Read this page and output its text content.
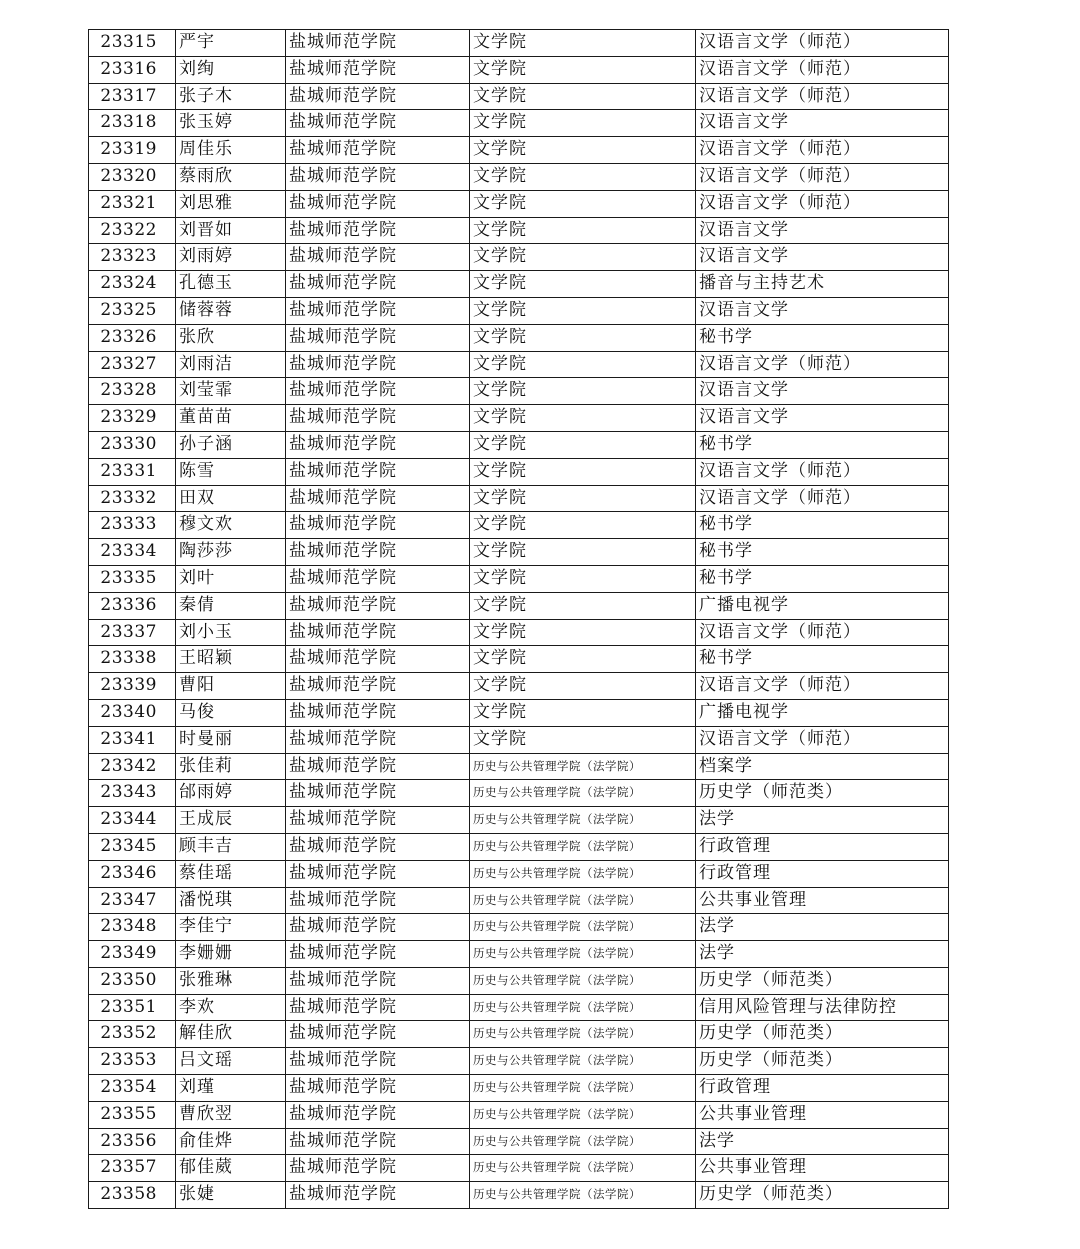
23315	严宇	盐城师范学院	文学院	汉语言文学（师范）
23316	刘绚	盐城师范学院	文学院	汉语言文学（师范）
23317	张子木	盐城师范学院	文学院	汉语言文学（师范）
23318	张玉婷	盐城师范学院	文学院	汉语言文学
23319	周佳乐	盐城师范学院	文学院	汉语言文学（师范）
23320	蔡雨欣	盐城师范学院	文学院	汉语言文学（师范）
23321	刘思雅	盐城师范学院	文学院	汉语言文学（师范）
23322	刘晋如	盐城师范学院	文学院	汉语言文学
23323	刘雨婷	盐城师范学院	文学院	汉语言文学
23324	孔德玉	盐城师范学院	文学院	播音与主持艺术
23325	储蓉蓉	盐城师范学院	文学院	汉语言文学
23326	张欣	盐城师范学院	文学院	秘书学
23327	刘雨洁	盐城师范学院	文学院	汉语言文学（师范）
23328	刘莹霏	盐城师范学院	文学院	汉语言文学
23329	董苗苗	盐城师范学院	文学院	汉语言文学
23330	孙子涵	盐城师范学院	文学院	秘书学
23331	陈雪	盐城师范学院	文学院	汉语言文学（师范）
23332	田双	盐城师范学院	文学院	汉语言文学（师范）
23333	穆文欢	盐城师范学院	文学院	秘书学
23334	陶莎莎	盐城师范学院	文学院	秘书学
23335	刘叶	盐城师范学院	文学院	秘书学
23336	秦倩	盐城师范学院	文学院	广播电视学
23337	刘小玉	盐城师范学院	文学院	汉语言文学（师范）
23338	王昭颖	盐城师范学院	文学院	秘书学
23339	曹阳	盐城师范学院	文学院	汉语言文学（师范）
23340	马俊	盐城师范学院	文学院	广播电视学
23341	时曼丽	盐城师范学院	文学院	汉语言文学（师范）
23342	张佳莉	盐城师范学院	历史与公共管理学院（法学院）	档案学
23343	邰雨婷	盐城师范学院	历史与公共管理学院（法学院）	历史学（师范类）
23344	王成辰	盐城师范学院	历史与公共管理学院（法学院）	法学
23345	顾丰吉	盐城师范学院	历史与公共管理学院（法学院）	行政管理
23346	蔡佳瑶	盐城师范学院	历史与公共管理学院（法学院）	行政管理
23347	潘悦琪	盐城师范学院	历史与公共管理学院（法学院）	公共事业管理
23348	李佳宁	盐城师范学院	历史与公共管理学院（法学院）	法学
23349	李姗姗	盐城师范学院	历史与公共管理学院（法学院）	法学
23350	张雅琳	盐城师范学院	历史与公共管理学院（法学院）	历史学（师范类）
23351	李欢	盐城师范学院	历史与公共管理学院（法学院）	信用风险管理与法律防控
23352	解佳欣	盐城师范学院	历史与公共管理学院（法学院）	历史学（师范类）
23353	吕文瑶	盐城师范学院	历史与公共管理学院（法学院）	历史学（师范类）
23354	刘瑾	盐城师范学院	历史与公共管理学院（法学院）	行政管理
23355	曹欣翌	盐城师范学院	历史与公共管理学院（法学院）	公共事业管理
23356	俞佳烨	盐城师范学院	历史与公共管理学院（法学院）	法学
23357	郁佳葳	盐城师范学院	历史与公共管理学院（法学院）	公共事业管理
23358	张婕	盐城师范学院	历史与公共管理学院（法学院）	历史学（师范类）
